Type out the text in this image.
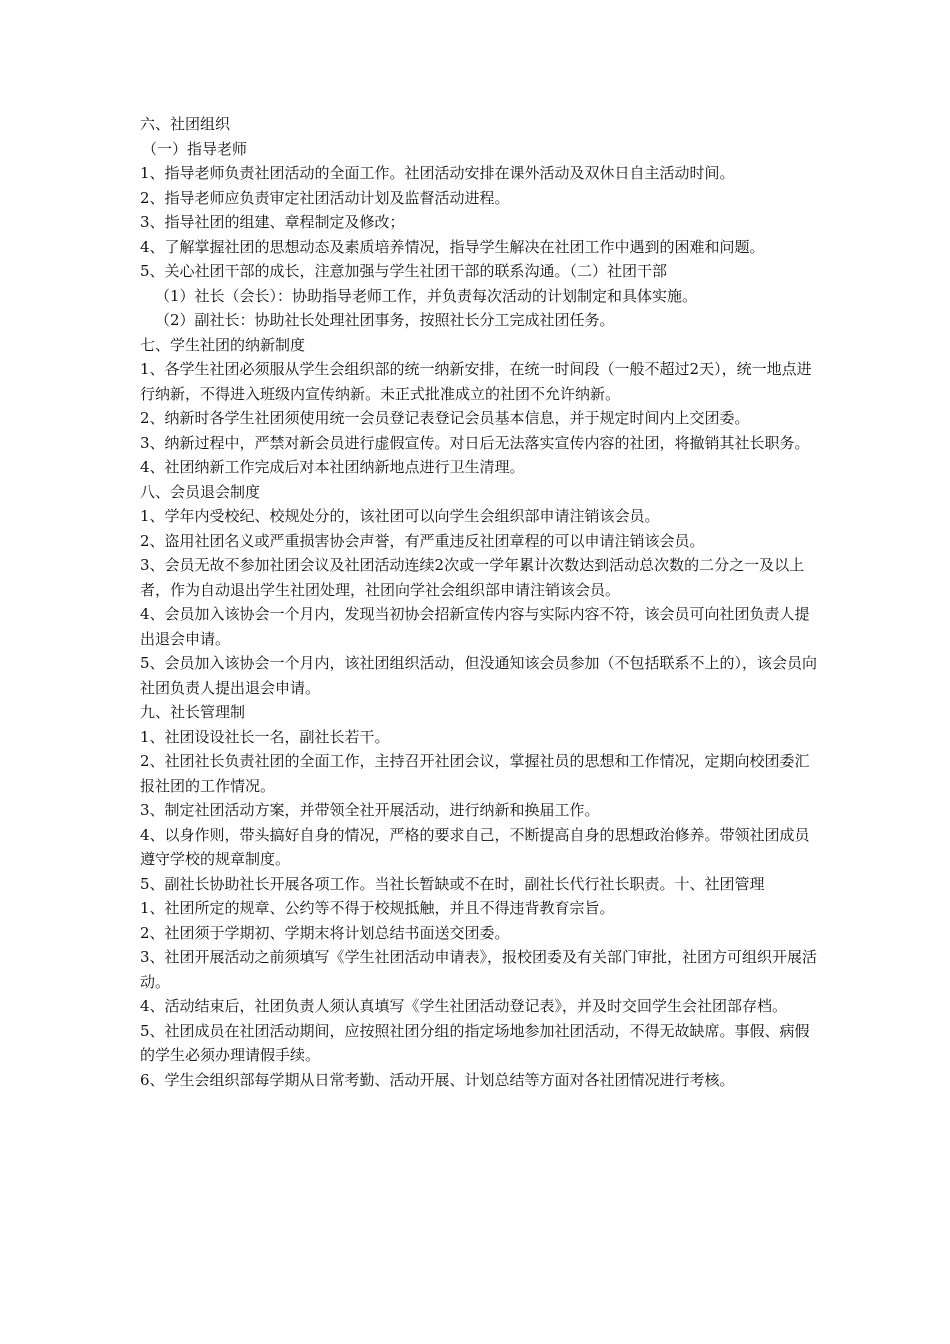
六、社团组织

（一）指导老师

1、指导老师负责社团活动的全面工作。社团活动安排在课外活动及双休日自主活动时间。

2、指导老师应负责审定社团活动计划及监督活动进程。

3、指导社团的组建、章程制定及修改；

4、了解掌握社团的思想动态及素质培养情况，指导学生解决在社团工作中遇到的困难和问题。

5、关心社团干部的成长，注意加强与学生社团干部的联系沟通。（二）社团干部

（1）社长（会长）：协助指导老师工作，并负责每次活动的计划制定和具体实施。

（2）副社长：协助社长处理社团事务，按照社长分工完成社团任务。

七、学生社团的纳新制度

1、各学生社团必须服从学生会组织部的统一纳新安排，在统一时间段（一般不超过2天），统一地点进行纳新，不得进入班级内宣传纳新。未正式批准成立的社团不允许纳新。

2、纳新时各学生社团须使用统一会员登记表登记会员基本信息，并于规定时间内上交团委。

3、纳新过程中，严禁对新会员进行虚假宣传。对日后无法落实宣传内容的社团，将撤销其社长职务。

4、社团纳新工作完成后对本社团纳新地点进行卫生清理。

八、会员退会制度

1、学年内受校纪、校规处分的，该社团可以向学生会组织部申请注销该会员。

2、盗用社团名义或严重损害协会声誉，有严重违反社团章程的可以申请注销该会员。

3、会员无故不参加社团会议及社团活动连续2次或一学年累计次数达到活动总次数的二分之一及以上者，作为自动退出学生社团处理，社团向学社会组织部申请注销该会员。

4、会员加入该协会一个月内，发现当初协会招新宣传内容与实际内容不符，该会员可向社团负责人提出退会申请。

5、会员加入该协会一个月内，该社团组织活动，但没通知该会员参加（不包括联系不上的），该会员向社团负责人提出退会申请。

九、社长管理制

1、社团设设社长一名，副社长若干。

2、社团社长负责社团的全面工作，主持召开社团会议，掌握社员的思想和工作情况，定期向校团委汇报社团的工作情况。

3、制定社团活动方案，并带领全社开展活动，进行纳新和换届工作。

4、以身作则，带头搞好自身的情况，严格的要求自己，不断提高自身的思想政治修养。带领社团成员遵守学校的规章制度。

5、副社长协助社长开展各项工作。当社长暂缺或不在时，副社长代行社长职责。十、社团管理

1、社团所定的规章、公约等不得于校规抵触，并且不得违背教育宗旨。

2、社团须于学期初、学期末将计划总结书面送交团委。

3、社团开展活动之前须填写《学生社团活动申请表》，报校团委及有关部门审批，社团方可组织开展活动。

4、活动结束后，社团负责人须认真填写《学生社团活动登记表》，并及时交回学生会社团部存档。

5、社团成员在社团活动期间，应按照社团分组的指定场地参加社团活动，不得无故缺席。事假、病假的学生必须办理请假手续。

6、学生会组织部每学期从日常考勤、活动开展、计划总结等方面对各社团情况进行考核。
